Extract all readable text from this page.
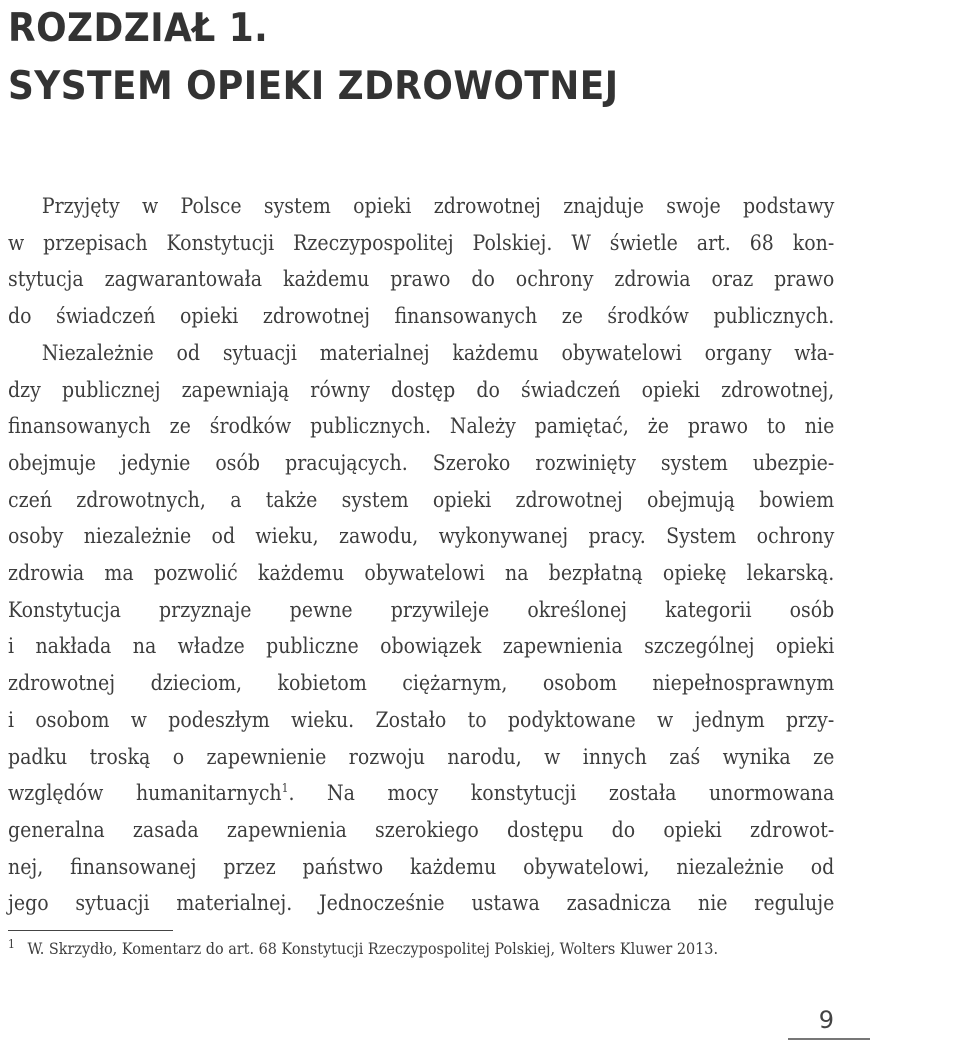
ROZDZIAŁ 1.
SYSTEM OPIEKI ZDROWOTNEJ
Przyjęty w Polsce system opieki zdrowotnej znajduje swoje podstawy
w przepisach Konstytucji Rzeczypospolitej Polskiej. W świetle art. 68 kon-
stytucja zagwarantowała każdemu prawo do ochrony zdrowia oraz prawo
do świadczeń opieki zdrowotnej finansowanych ze środków publicznych.
Niezależnie od sytuacji materialnej każdemu obywatelowi organy wła-
dzy publicznej zapewniają równy dostęp do świadczeń opieki zdrowotnej,
finansowanych ze środków publicznych. Należy pamiętać, że prawo to nie
obejmuje jedynie osób pracujących. Szeroko rozwinięty system ubezpie-
czeń zdrowotnych, a także system opieki zdrowotnej obejmują bowiem
osoby niezależnie od wieku, zawodu, wykonywanej pracy. System ochrony
zdrowia ma pozwolić każdemu obywatelowi na bezpłatną opiekę lekarską.
Konstytucja przyznaje pewne przywileje określonej kategorii osób
i nakłada na władze publiczne obowiązek zapewnienia szczególnej opieki
zdrowotnej dzieciom, kobietom ciężarnym, osobom niepełnosprawnym
i osobom w podeszłym wieku. Zostało to podyktowane w jednym przy-
padku troską o zapewnienie rozwoju narodu, w innych zaś wynika ze
względów humanitarnych$^1$. Na mocy konstytucji została unormowana
generalna zasada zapewnienia szerokiego dostępu do opieki zdrowot-
nej, finansowanej przez państwo każdemu obywatelowi, niezależnie od
jego sytuacji materialnej. Jednocześnie ustawa zasadnicza nie reguluje
$^1$ W. Skrzydło, Komentarz do art. 68 Konstytucji Rzeczypospolitej Polskiej, Wolters Kluwer 2013.
9
